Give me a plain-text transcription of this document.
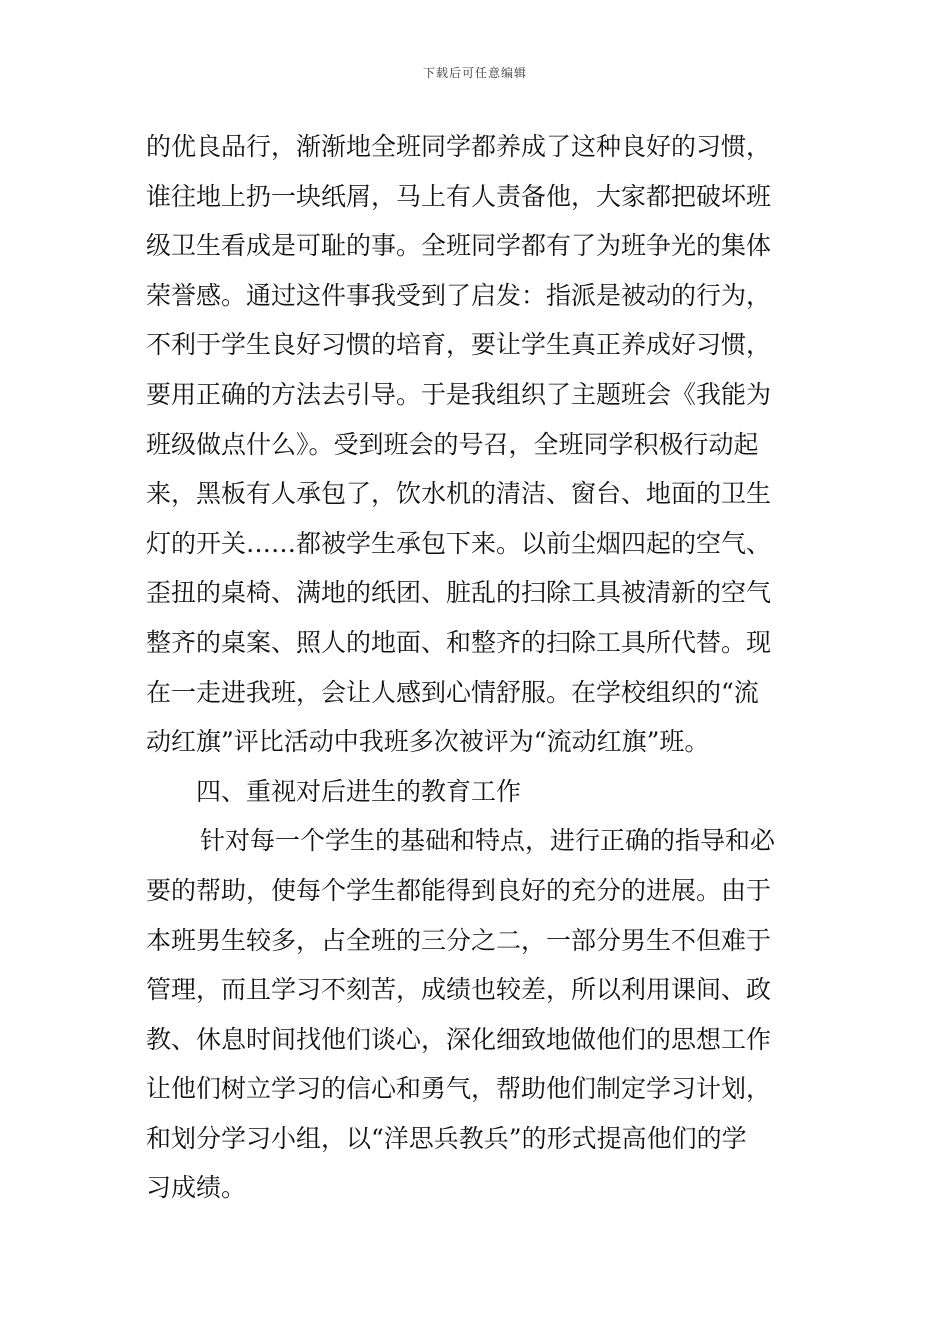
下载后可任意编辑
的优良品行，渐渐地全班同学都养成了这种良好的习惯，
谁往地上扔一块纸屑，马上有人责备他，大家都把破坏班
级卫生看成是可耻的事。全班同学都有了为班争光的集体
荣誉感。通过这件事我受到了启发：指派是被动的行为，
不利于学生良好习惯的培育，要让学生真正养成好习惯，
要用正确的方法去引导。于是我组织了主题班会《我能为
班级做点什么》。受到班会的号召，全班同学积极行动起
来，黑板有人承包了，饮水机的清洁、窗台、地面的卫生
灯的开关……都被学生承包下来。以前尘烟四起的空气、
歪扭的桌椅、满地的纸团、脏乱的扫除工具被清新的空气
整齐的桌案、照人的地面、和整齐的扫除工具所代替。现
在一走进我班，会让人感到心情舒服。在学校组织的“流
动红旗”评比活动中我班多次被评为“流动红旗”班。
四、重视对后进生的教育工作
针对每一个学生的基础和特点，进行正确的指导和必
要的帮助，使每个学生都能得到良好的充分的进展。由于
本班男生较多，占全班的三分之二，一部分男生不但难于
管理，而且学习不刻苦，成绩也较差，所以利用课间、政
教、休息时间找他们谈心，深化细致地做他们的思想工作
让他们树立学习的信心和勇气，帮助他们制定学习计划，
和划分学习小组，以“洋思兵教兵”的形式提高他们的学
习成绩。
